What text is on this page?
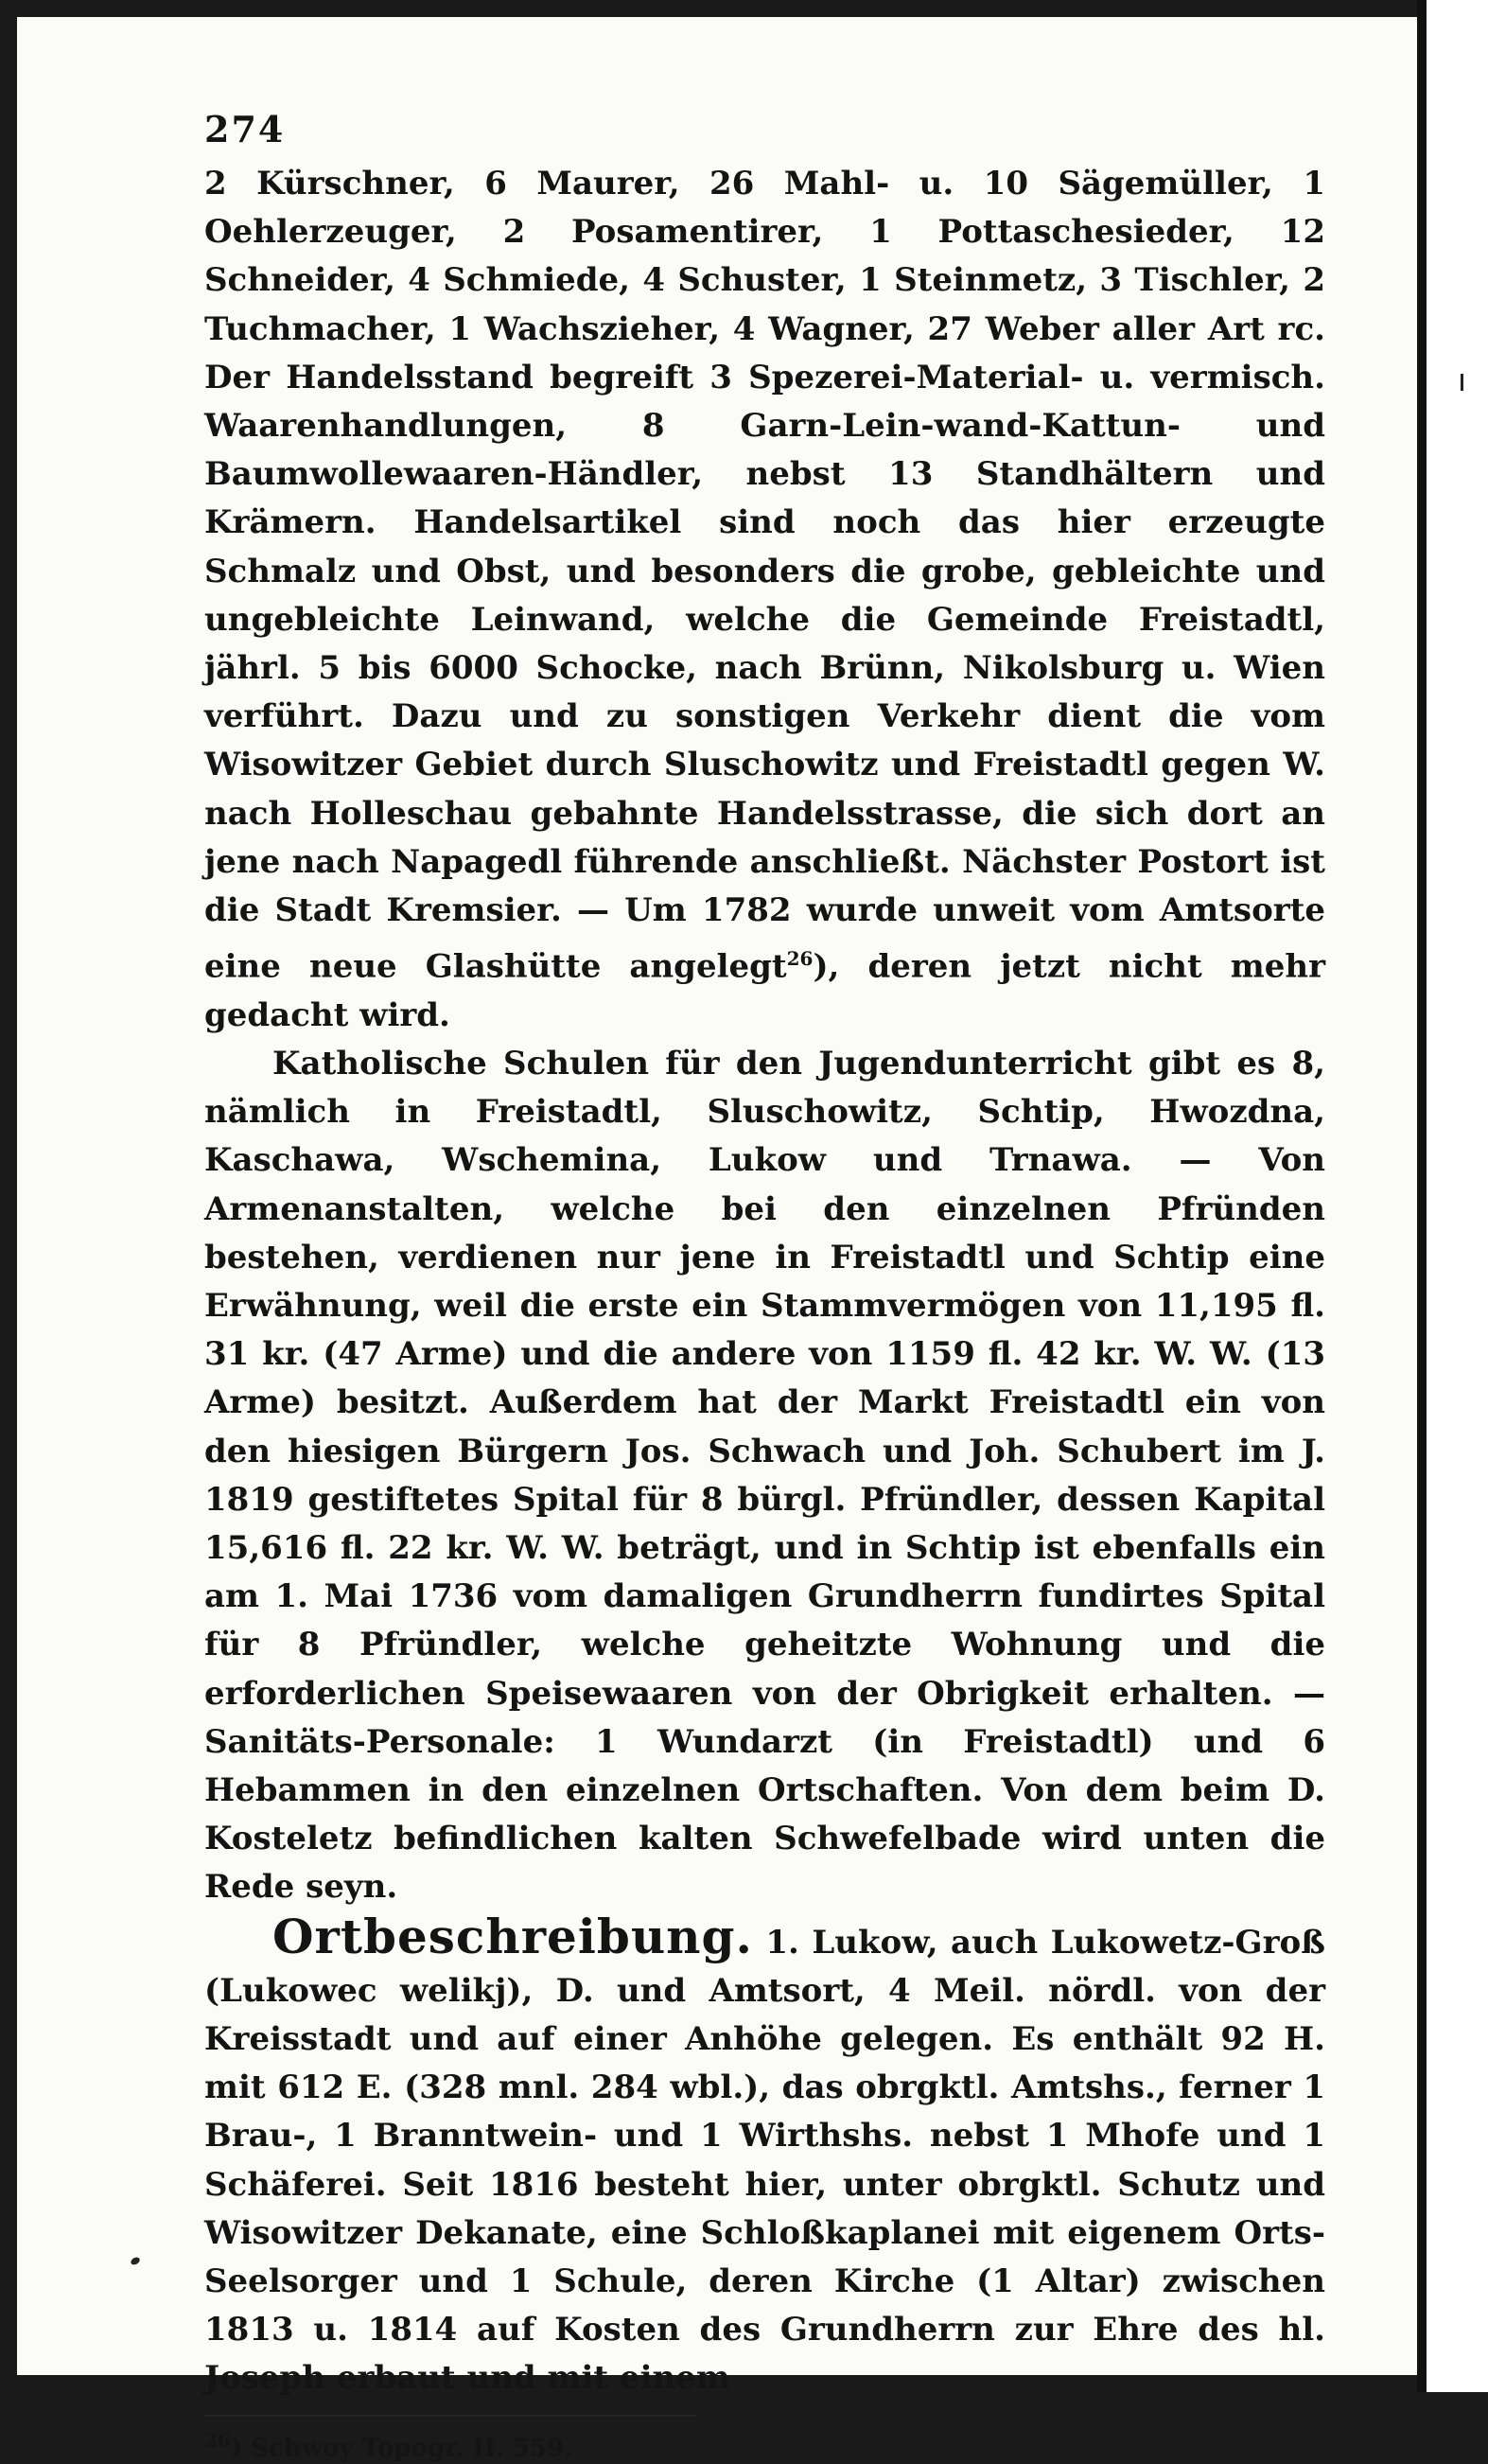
274

2 Kürschner, 6 Maurer, 26 Mahl- u. 10 Sägemüller, 1 Oehlerzeuger, 2 Posamentirer, 1 Pottaschesieder, 12 Schneider, 4 Schmiede, 4 Schuster, 1 Steinmetz, 3 Tischler, 2 Tuchmacher, 1 Wachszieher, 4 Wagner, 27 Weber aller Art rc. Der Handelsstand begreift 3 Spezerei-Material- u. vermisch. Waarenhandlungen, 8 Garn-Lein-wand-Kattun- und Baumwollewaaren-Händler, nebst 13 Standhältern und Krämern. Handelsartikel sind noch das hier erzeugte Schmalz und Obst, und besonders die grobe, gebleichte und ungebleichte Leinwand, welche die Gemeinde Freistadtl, jährl. 5 bis 6000 Schocke, nach Brünn, Nikolsburg u. Wien verführt. Dazu und zu sonstigen Verkehr dient die vom Wisowitzer Gebiet durch Sluschowitz und Freistadtl gegen W. nach Holleschau gebahnte Handelsstrasse, die sich dort an jene nach Napagedl führende anschließt. Nächster Postort ist die Stadt Kremsier. — Um 1782 wurde unweit vom Amtsorte eine neue Glashütte angelegt$^{26}$), deren jetzt nicht mehr gedacht wird.

Katholische Schulen für den Jugendunterricht gibt es 8, nämlich in Freistadtl, Sluschowitz, Schtip, Hwozdna, Kaschawa, Wschemina, Lukow und Trnawa. — Von Armenanstalten, welche bei den einzelnen Pfründen bestehen, verdienen nur jene in Freistadtl und Schtip eine Erwähnung, weil die erste ein Stammvermögen von 11,195 fl. 31 kr. (47 Arme) und die andere von 1159 fl. 42 kr. W. W. (13 Arme) besitzt. Außerdem hat der Markt Freistadtl ein von den hiesigen Bürgern Jos. Schwach und Joh. Schubert im J. 1819 gestiftetes Spital für 8 bürgl. Pfründler, dessen Kapital 15,616 fl. 22 kr. W. W. beträgt, und in Schtip ist ebenfalls ein am 1. Mai 1736 vom damaligen Grundherrn fundirtes Spital für 8 Pfründler, welche geheitzte Wohnung und die erforderlichen Speisewaaren von der Obrigkeit erhalten. — Sanitäts-Personale: 1 Wundarzt (in Freistadtl) und 6 Hebammen in den einzelnen Ortschaften. Von dem beim D. Kosteletz befindlichen kalten Schwefelbade wird unten die Rede seyn.

Ortbeschreibung. 1. Lukow, auch Lukowetz-Groß (Lukowec welikj), D. und Amtsort, 4 Meil. nördl. von der Kreisstadt und auf einer Anhöhe gelegen. Es enthält 92 H. mit 612 E. (328 mnl. 284 wbl.), das obrgktl. Amtshs., ferner 1 Brau-, 1 Branntwein- und 1 Wirthshs. nebst 1 Mhofe und 1 Schäferei. Seit 1816 besteht hier, unter obrgktl. Schutz und Wisowitzer Dekanate, eine Schloßkaplanei mit eigenem Orts-Seelsorger und 1 Schule, deren Kirche (1 Altar) zwischen 1813 u. 1814 auf Kosten des Grundherrn zur Ehre des hl. Joseph erbaut und mit einem

$^{26}$) Schwoy Topogr. II. 559.
